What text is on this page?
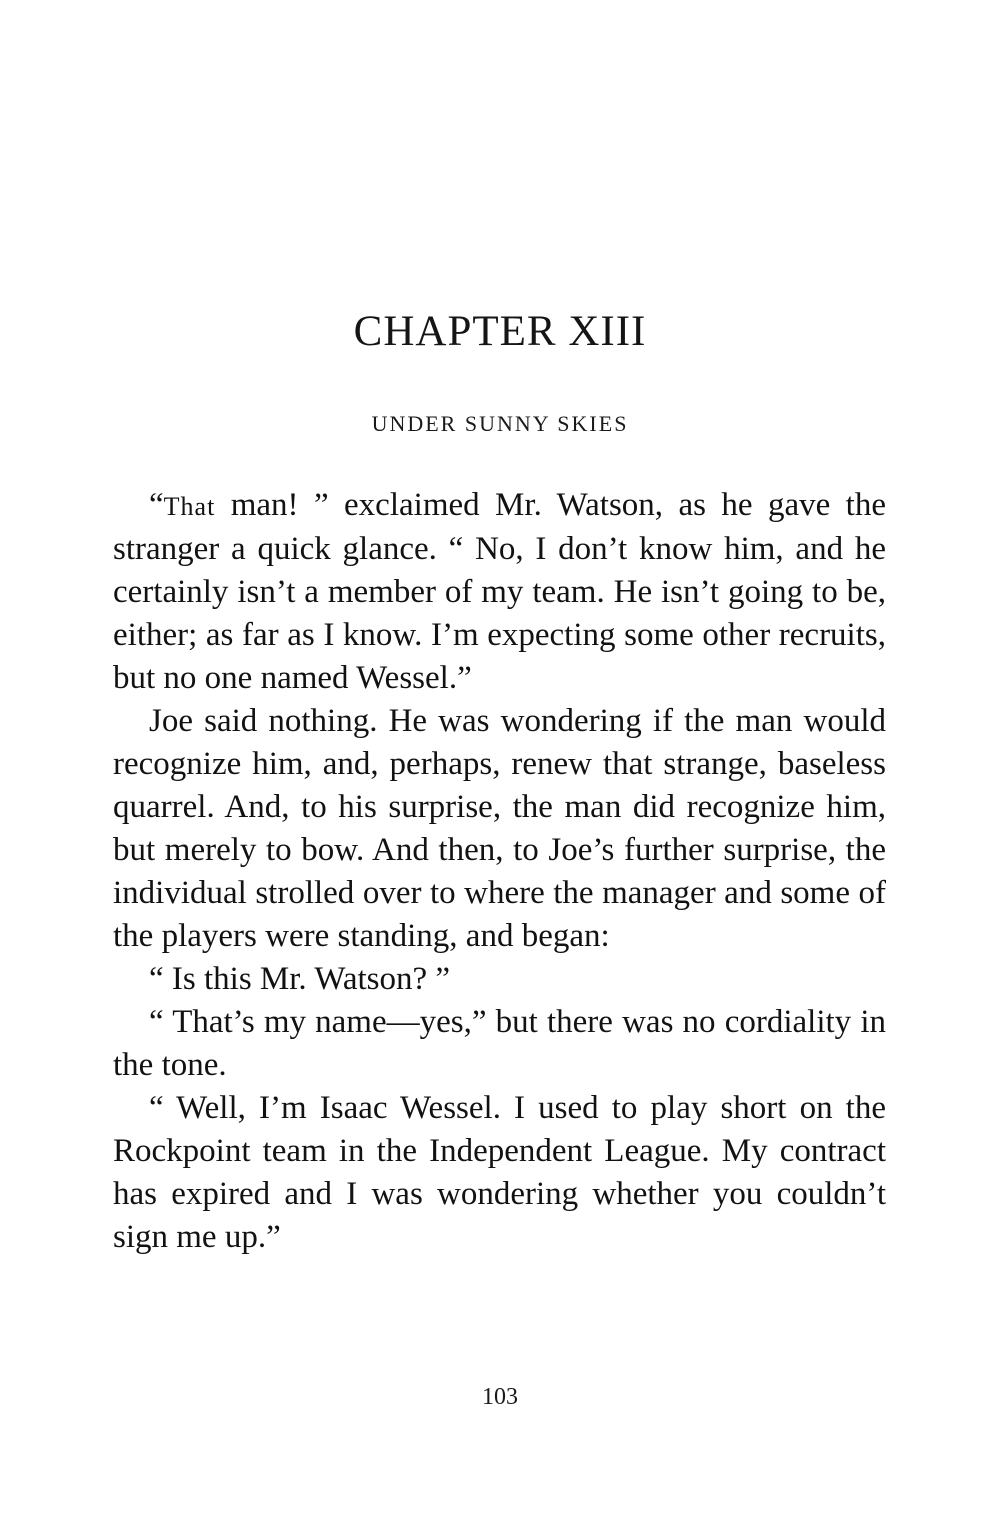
CHAPTER XIII
UNDER SUNNY SKIES

“That man! ” exclaimed Mr. Watson, as he gave the stranger a quick glance. “ No, I don’t know him, and he certainly isn’t a member of my team. He isn’t going to be, either; as far as I know. I’m expecting some other recruits, but no one named Wessel.”

Joe said nothing. He was wondering if the man would recognize him, and, perhaps, renew that strange, baseless quarrel. And, to his surprise, the man did recognize him, but merely to bow. And then, to Joe’s further surprise, the individual strolled over to where the manager and some of the players were standing, and began:

“ Is this Mr. Watson? ”

“ That’s my name—yes,” but there was no cordiality in the tone.

“ Well, I’m Isaac Wessel. I used to play short on the Rockpoint team in the Independent League. My contract has expired and I was wondering whether you couldn’t sign me up.”

103
